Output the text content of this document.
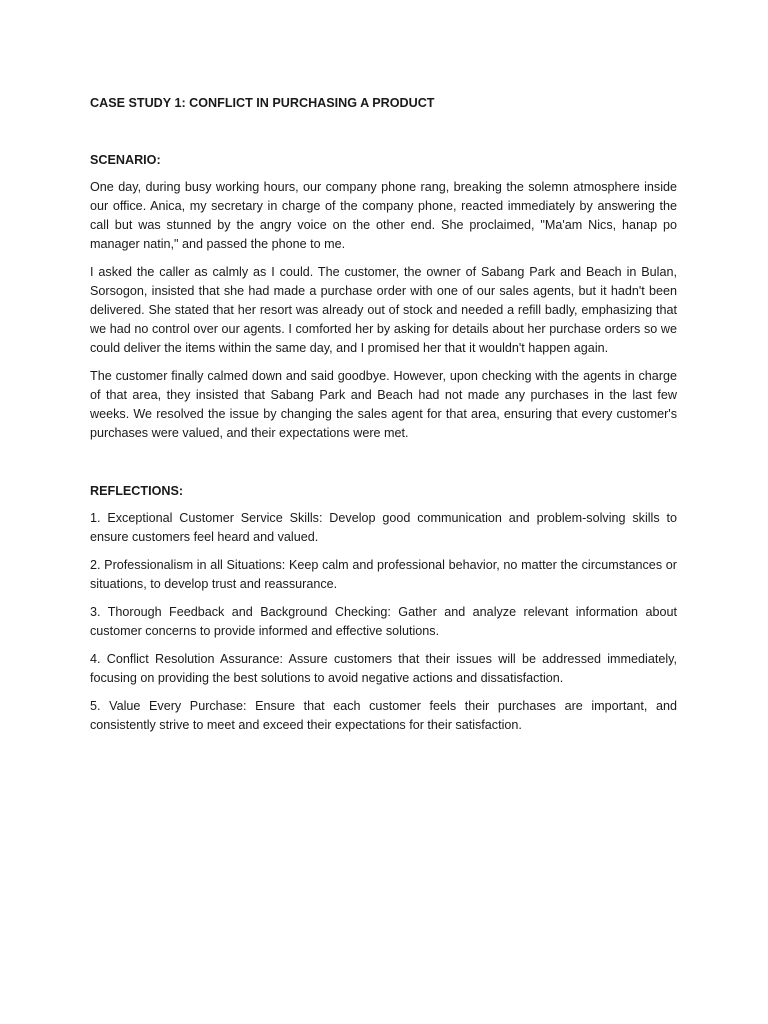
CASE STUDY 1: CONFLICT IN PURCHASING A PRODUCT

SCENARIO:

One day, during busy working hours, our company phone rang, breaking the solemn atmosphere inside our office. Anica, my secretary in charge of the company phone, reacted immediately by answering the call but was stunned by the angry voice on the other end. She proclaimed, "Ma'am Nics, hanap po manager natin," and passed the phone to me.

I asked the caller as calmly as I could. The customer, the owner of Sabang Park and Beach in Bulan, Sorsogon, insisted that she had made a purchase order with one of our sales agents, but it hadn't been delivered. She stated that her resort was already out of stock and needed a refill badly, emphasizing that we had no control over our agents. I comforted her by asking for details about her purchase orders so we could deliver the items within the same day, and I promised her that it wouldn't happen again.

The customer finally calmed down and said goodbye. However, upon checking with the agents in charge of that area, they insisted that Sabang Park and Beach had not made any purchases in the last few weeks. We resolved the issue by changing the sales agent for that area, ensuring that every customer's purchases were valued, and their expectations were met.

REFLECTIONS:

1. Exceptional Customer Service Skills: Develop good communication and problem-solving skills to ensure customers feel heard and valued.

2. Professionalism in all Situations: Keep calm and professional behavior, no matter the circumstances or situations, to develop trust and reassurance.

3. Thorough Feedback and Background Checking: Gather and analyze relevant information about customer concerns to provide informed and effective solutions.

4. Conflict Resolution Assurance: Assure customers that their issues will be addressed immediately, focusing on providing the best solutions to avoid negative actions and dissatisfaction.

5. Value Every Purchase: Ensure that each customer feels their purchases are important, and consistently strive to meet and exceed their expectations for their satisfaction.
